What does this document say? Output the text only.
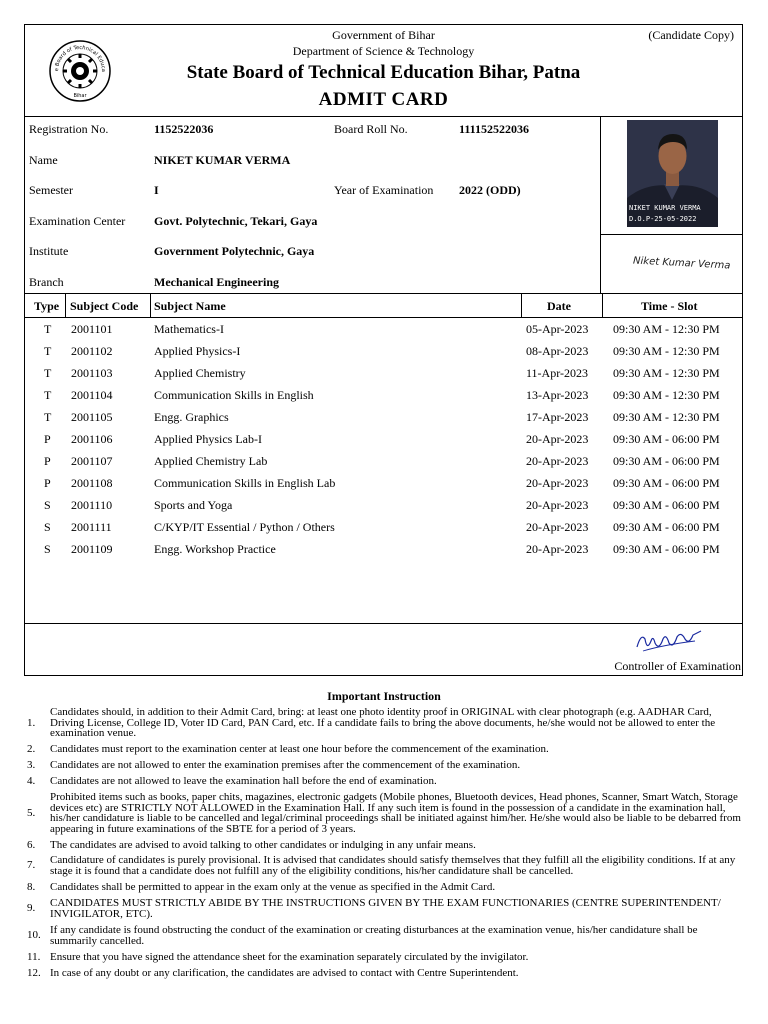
e Board of Technical Educa
Bihar
Government of Bihar
Department of Science & Technology
State Board of Technical Education Bihar, Patna
ADMIT CARD
(Candidate Copy)
Registration No.	1152522036	Board Roll No.	111152522036
Name	NIKET KUMAR VERMA
Semester	I	Year of Examination 2022 (ODD)
Examination Center Govt. Polytechnic, Tekari, Gaya
Institute	Government Polytechnic, Gaya
Branch	Mechanical Engineering
NIKET KUMAR VERMA
D.O.P-25-05-2022
Niket Kumar Verma
Type Subject Code Subject Name	Date	Time - Slot
T 2001101	Mathematics-I	05-Apr-2023 09:30 AM - 12:30 PM
T 2001102	Applied Physics-I	08-Apr-2023 09:30 AM - 12:30 PM
T 2001103	Applied Chemistry	11-Apr-2023 09:30 AM - 12:30 PM
T 2001104	Communication Skills in English	13-Apr-2023 09:30 AM - 12:30 PM
T 2001105	Engg. Graphics	17-Apr-2023 09:30 AM - 12:30 PM
P 2001106	Applied Physics Lab-I	20-Apr-2023 09:30 AM - 06:00 PM
P 2001107	Applied Chemistry Lab	20-Apr-2023 09:30 AM - 06:00 PM
P 2001108	Communication Skills in English Lab	20-Apr-2023 09:30 AM - 06:00 PM
S 2001110	Sports and Yoga	20-Apr-2023 09:30 AM - 06:00 PM
S 2001111	C/KYP/IT Essential / Python / Others	20-Apr-2023 09:30 AM - 06:00 PM
S 2001109	Engg. Workshop Practice	20-Apr-2023 09:30 AM - 06:00 PM
Controller of Examination
Important Instruction
1.
Candidates should, in addition to their Admit Card, bring: at least one photo identity proof in ORIGINAL with clear photograph (e.g. AADHAR Card, Driving License, College ID, Voter ID Card, PAN Card, etc. If a candidate fails to bring the above documents, he/she would not be allowed to enter the examination venue.
2.	Candidates must report to the examination center at least one hour before the commencement of the examination.
3.	Candidates are not allowed to enter the examination premises after the commencement of the examination.
4.	Candidates are not allowed to leave the examination hall before the end of examination.
5.
Prohibited items such as books, paper chits, magazines, electronic gadgets (Mobile phones, Bluetooth devices, Head phones, Scanner, Smart Watch, Storage devices etc) are STRICTLY NOT ALLOWED in the Examination Hall. If any such item is found in the possession of a candidate in the examination hall, his/her candidature is liable to be cancelled and legal/criminal proceedings shall be initiated against him/her. He/she would also be liable to be debarred from appearing in future examinations of the SBTE for a period of 3 years.
6.	The candidates are advised to avoid talking to other candidates or indulging in any unfair means.
7.	Candidature of candidates is purely provisional. It is advised that candidates should satisfy themselves that they fulfill all the eligibility conditions. If at any stage it is found that a candidate does not fulfill any of the eligibility conditions, his/her candidature shall be cancelled.
8.	Candidates shall be permitted to appear in the exam only at the venue as specified in the Admit Card.
9.	CANDIDATES MUST STRICTLY ABIDE BY THE INSTRUCTIONS GIVEN BY THE EXAM FUNCTIONARIES (CENTRE SUPERINTENDENT/ INVIGILATOR, ETC).
10. If any candidate is found obstructing the conduct of the examination or creating disturbances at the examination venue, his/her candidature shall be summarily cancelled.
11. Ensure that you have signed the attendance sheet for the examination separately circulated by the invigilator.
12. In case of any doubt or any clarification, the candidates are advised to contact with Centre Superintendent.
